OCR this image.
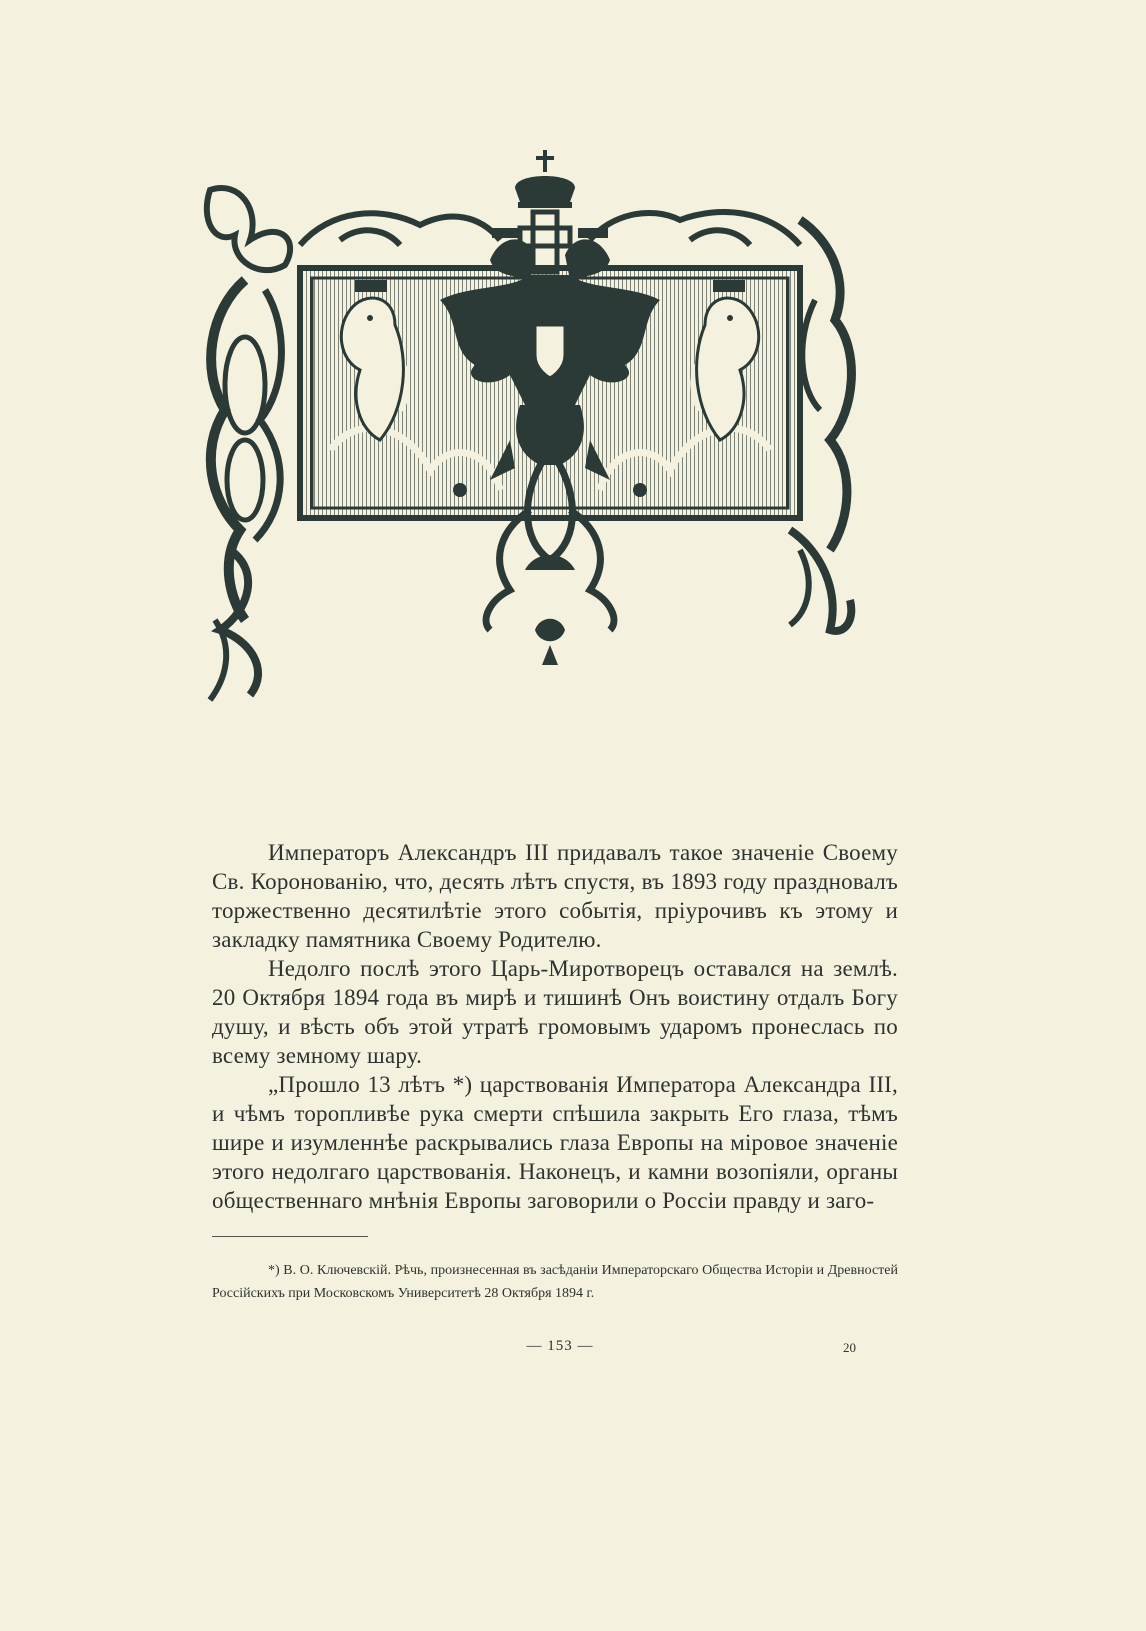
Императоръ Александръ III придавалъ такое значеніе Своему Св. Коронованію, что, десять лѣтъ спустя, въ 1893 году праздновалъ торжественно десятилѣтіе этого событія, пріурочивъ къ этому и закладку памятника Своему Родителю.

Недолго послѣ этого Царь-Миротворецъ оставался на землѣ. 20 Октября 1894 года въ мирѣ и тишинѣ Онъ воистину отдалъ Богу душу, и вѣсть объ этой утратѣ громовымъ ударомъ пронеслась по всему земному шару.

„Прошло 13 лѣтъ *) царствованія Императора Александра III, и чѣмъ торопливѣе рука смерти спѣшила закрыть Его глаза, тѣмъ шире и изумленнѣе раскрывались глаза Европы на міровое значеніе этого недолгаго царствованія. Наконецъ, и камни возопіяли, органы общественнаго мнѣнія Европы заговорили о Россіи правду и заго-

*) В. О. Ключевскій. Рѣчь, произнесенная въ засѣданіи Императорскаго Общества Исторіи и Древностей Россійскихъ при Московскомъ Университетѣ 28 Октября 1894 г.

— 153 —	20
